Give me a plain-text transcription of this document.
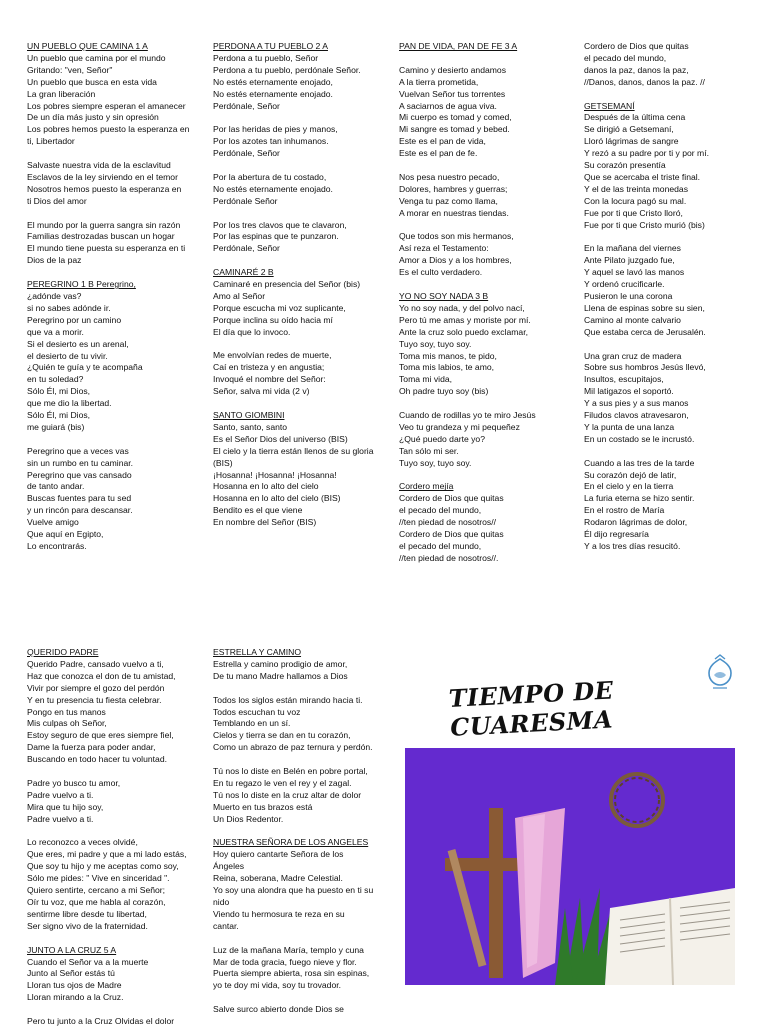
UN PUEBLO QUE CAMINA 1 A

Un pueblo que camina por el mundo

Gritando: "ven, Señor"

Un pueblo que busca en esta vida

La gran liberación

Los pobres siempre esperan el amanecer

De un día más justo y sin opresión

Los pobres hemos puesto la esperanza en

ti, Libertador

Salvaste nuestra vida de la esclavitud

Esclavos de la ley sirviendo en el temor

Nosotros hemos puesto la esperanza en

ti Dios del amor

El mundo por la guerra sangra sin razón

Familias destrozadas buscan un hogar

El mundo tiene puesta su esperanza en ti

Dios de la paz

PEREGRINO 1 B Peregrino,

¿adónde vas?

si no sabes adónde ir.

Peregrino por un camino

que va a morir.

Si el desierto es un arenal,

el desierto de tu vivir.

¿Quién te guía y te acompaña

en tu soledad?

Sólo Él, mi Dios,

que me dio la libertad.

Sólo Él, mi Dios,

me guiará (bis)

Peregrino que a veces vas

sin un rumbo en tu caminar.

Peregrino que vas cansado

de tanto andar.

Buscas fuentes para tu sed

y un rincón para descansar.

Vuelve amigo

Que aquí en Egipto,

Lo encontrarás.

PERDONA A TU PUEBLO 2 A

Perdona a tu pueblo, Señor

Perdona a tu pueblo, perdónale Señor.

No estés eternamente enojado,

No estés eternamente enojado.

Perdónale, Señor

Por las heridas de pies y manos,

Por los azotes tan inhumanos.

Perdónale, Señor

Por la abertura de tu costado,

No estés eternamente enojado.

Perdónale Señor

Por los tres clavos que te clavaron,

Por las espinas que te punzaron.

Perdónale, Señor

CAMINARÉ 2 B

Caminaré en presencia del Señor (bis)

Amo al Señor

Porque escucha mi voz suplicante,

Porque inclina su oído hacia mí

El día que lo invoco.

Me envolvían redes de muerte,

Caí en tristeza y en angustia;

Invoqué el nombre del Señor:

Señor, salva mi vida (2 v)

SANTO GIOMBINI

Santo, santo, santo

Es el Señor Dios del universo (BIS)

El cielo y la tierra están llenos de su gloria

(BIS)

¡Hosanna! ¡Hosanna! ¡Hosanna!

Hosanna en lo alto del cielo

Hosanna en lo alto del cielo (BIS)

Bendito es el que viene

En nombre del Señor (BIS)

PAN DE VIDA, PAN DE FE 3 A

Camino y desierto andamos

A la tierra prometida,

Vuelvan Señor tus torrentes

A saciarnos de agua viva.

Mi cuerpo es tomad y comed,

Mi sangre es tomad y bebed.

Este es el pan de vida,

Este es el pan de fe.

Nos pesa nuestro pecado,

Dolores, hambres y guerras;

Venga tu paz como llama,

A morar en nuestras tiendas.

Que todos son mis hermanos,

Así reza el Testamento:

Amor a Dios y a los hombres,

Es el culto verdadero.

YO NO SOY NADA 3 B

Yo no soy nada, y del polvo nací,

Pero tú me amas y moriste por mí.

Ante la cruz solo puedo exclamar,

Tuyo soy, tuyo soy.

Toma mis manos, te pido,

Toma mis labios, te amo,

Toma mi vida,

Oh padre tuyo soy (bis)

Cuando de rodillas yo te miro Jesús

Veo tu grandeza y mi pequeñez

¿Qué puedo darte yo?

Tan sólo mi ser.

Tuyo soy, tuyo soy.

Cordero mejía

Cordero de Dios que quitas

el pecado del mundo,

//ten piedad de nosotros//

Cordero de Dios que quitas

el pecado del mundo,

//ten piedad de nosotros//.

Cordero de Dios que quitas

el pecado del mundo,

danos la paz, danos la paz,

//Danos, danos, danos la paz. //

GETSEMANÍ

Después de la última cena

Se dirigió a Getsemaní,

Lloró lágrimas de sangre

Y rezó a su padre por ti y por mí.

Su corazón presentía

Que se acercaba el triste final.

Y el de las treinta monedas

Con la locura pagó su mal.

Fue por ti que Cristo lloró,

Fue por ti que Cristo murió (bis)

En la mañana del viernes

Ante Pilato juzgado fue,

Y aquel se lavó las manos

Y ordenó crucificarle.

Pusieron le una corona

Llena de espinas sobre su sien,

Camino al monte calvario

Que estaba cerca de Jerusalén.

Una gran cruz de madera

Sobre sus hombros Jesús llevó,

Insultos, escupitajos,

Mil latigazos el soportó.

Y a sus pies y a sus manos

Filudos clavos atravesaron,

Y la punta de una lanza

En un costado se le incrustó.

Cuando a las tres de la tarde

Su corazón dejó de latir,

En el cielo y en la tierra

La furia eterna se hizo sentir.

En el rostro de María

Rodaron lágrimas de dolor,

Él dijo regresaría

Y a los tres días resucitó.

QUERIDO PADRE

Querido Padre, cansado vuelvo a ti,

Haz que conozca el don de tu amistad,

Vivir por siempre el gozo del perdón

Y en tu presencia tu fiesta celebrar.

Pongo en tus manos

Mis culpas oh Señor,

Estoy seguro de que eres siempre fiel,

Dame la fuerza para poder andar,

Buscando en todo hacer tu voluntad.

Padre yo busco tu amor,

Padre vuelvo a ti.

Mira que tu hijo soy,

Padre vuelvo a ti.

Lo reconozco a veces olvidé,

Que eres, mi padre y que a mi lado estás,

Que soy tu hijo y me aceptas como soy,

Sólo me pides: " Vive en sinceridad ".

Quiero sentirte, cercano a mi Señor;

Oír tu voz, que me habla al corazón,

sentirme libre desde tu libertad,

Ser signo vivo de la fraternidad.

JUNTO A LA CRUZ 5 A

Cuando el Señor va a la muerte

Junto al Señor estás tú

Lloran tus ojos de Madre

Lloran mirando a la Cruz.

Pero tu junto a la Cruz Olvidas el dolor

ESTRELLA Y CAMINO

Estrella y camino prodigio de amor,

De tu mano Madre hallamos a Dios

Todos los siglos están mirando hacia ti.

Todos escuchan tu voz

Temblando en un sí.

Cielos y tierra se dan en tu corazón,

Como un abrazo de paz ternura y perdón.

Tú nos lo diste en Belén en pobre portal,

En tu regazo le ven el rey y el zagal.

Tú nos lo diste en la cruz altar de dolor

Muerto en tus brazos está

Un Dios Redentor.

NUESTRA SEÑORA DE LOS ANGELES

Hoy quiero cantarte Señora de los

Ángeles

Reina, soberana, Madre Celestial.

Yo soy una alondra que ha puesto en ti su

nido

Viendo tu hermosura te reza en su

cantar.

Luz de la mañana María, templo y cuna

Mar de toda gracia, fuego nieve y flor.

Puerta siempre abierta, rosa sin espinas,

yo te doy mi vida, soy tu trovador.

Salve surco abierto donde Dios se

TIEMPO DE CUARESMA
